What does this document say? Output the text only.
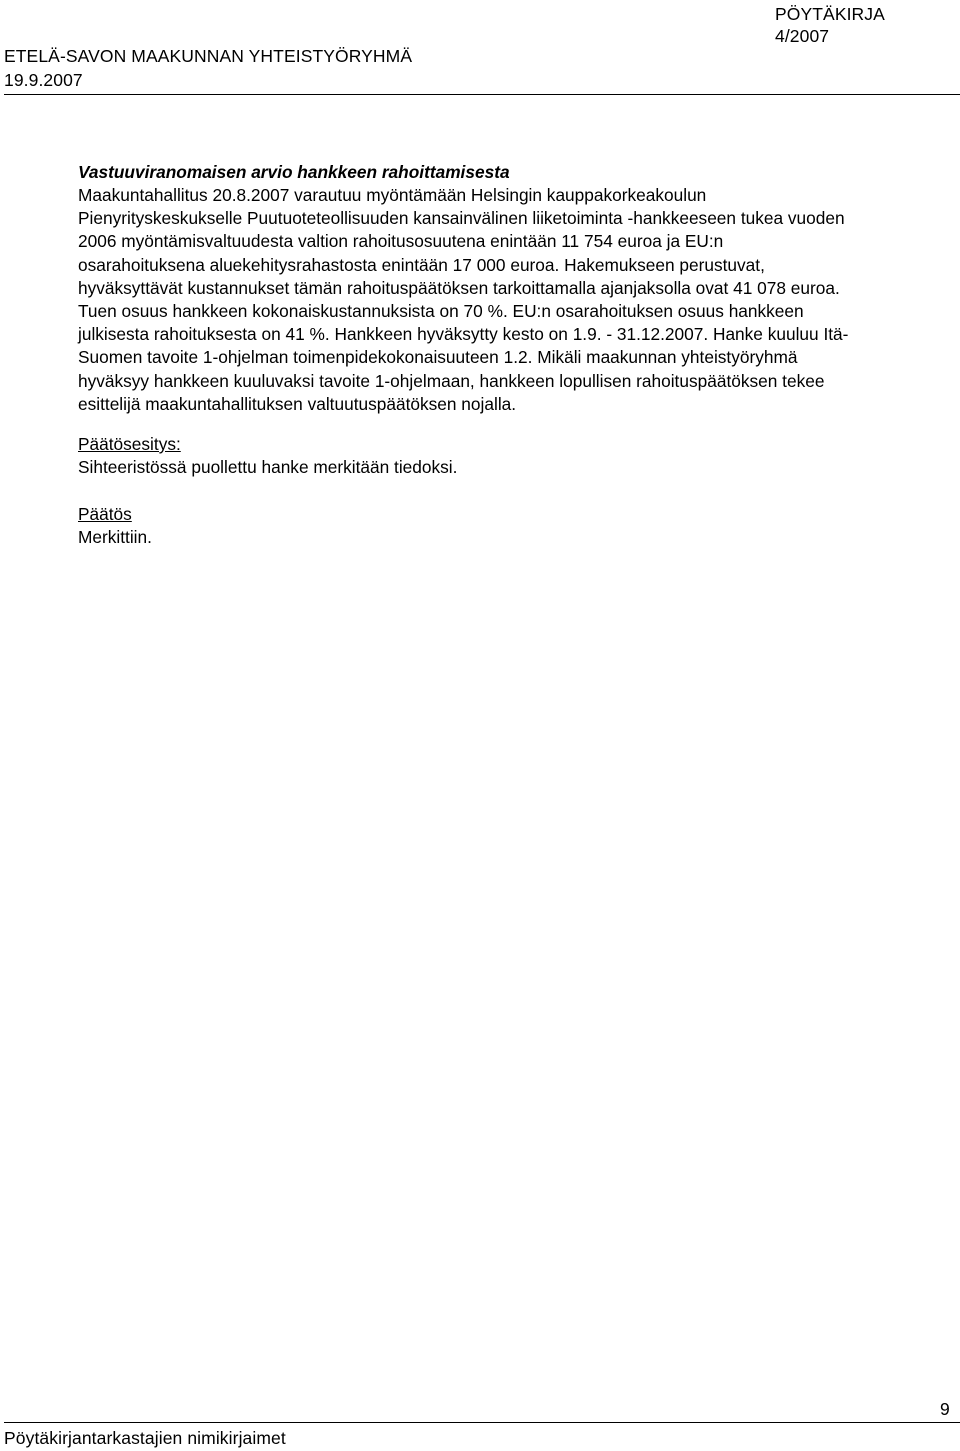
PÖYTÄKIRJA
4/2007
ETELÄ-SAVON MAAKUNNAN YHTEISTYÖRYHMÄ
19.9.2007
Vastuuviranomaisen arvio hankkeen rahoittamisesta
Maakuntahallitus 20.8.2007 varautuu myöntämään Helsingin kauppakorkeakoulun
Pienyrityskeskukselle Puutuoteteollisuuden kansainvälinen liiketoiminta -hankkeeseen tukea vuoden
2006 myöntämisvaltuudesta valtion rahoitusosuutena enintään 11 754 euroa ja EU:n
osarahoituksena aluekehitysrahastosta enintään 17 000 euroa. Hakemukseen perustuvat,
hyväksyttävät kustannukset tämän rahoituspäätöksen tarkoittamalla ajanjaksolla ovat 41 078 euroa.
Tuen osuus hankkeen kokonaiskustannuksista on 70 %. EU:n osarahoituksen osuus hankkeen
julkisesta rahoituksesta on 41 %. Hankkeen hyväksytty kesto on 1.9. - 31.12.2007. Hanke kuuluu Itä-
Suomen tavoite 1-ohjelman toimenpidekokonaisuuteen 1.2. Mikäli maakunnan yhteistyöryhmä
hyväksyy hankkeen kuuluvaksi tavoite 1-ohjelmaan, hankkeen lopullisen rahoituspäätöksen tekee
esittelijä maakuntahallituksen valtuutuspäätöksen nojalla.
Päätösesitys:
Sihteeristössä puollettu hanke merkitään tiedoksi.
Päätös
Merkittiin.
9
Pöytäkirjantarkastajien nimikirjaimet
